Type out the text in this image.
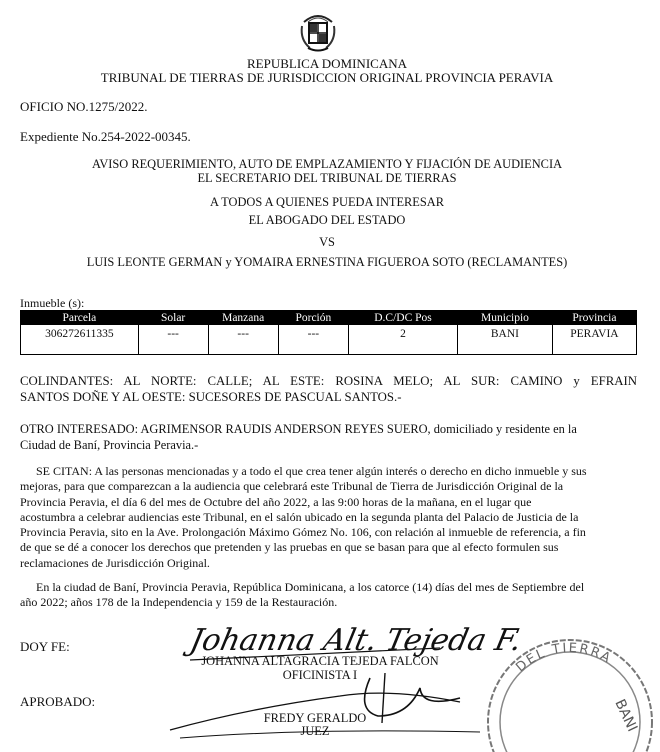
REPUBLICA DOMINICANA
TRIBUNAL DE TIERRAS DE JURISDICCION ORIGINAL PROVINCIA PERAVIA
OFICIO NO.1275/2022.
Expediente No.254-2022-00345.
AVISO REQUERIMIENTO, AUTO DE EMPLAZAMIENTO Y FIJACIÓN DE AUDIENCIA
EL SECRETARIO DEL TRIBUNAL DE TIERRAS
A TODOS A QUIENES PUEDA INTERESAR
EL ABOGADO DEL ESTADO
VS
LUIS LEONTE GERMAN y YOMAIRA ERNESTINA FIGUEROA SOTO (RECLAMANTES)
Inmueble (s):
Parcela	Solar	Manzana	Porción	D.C/DC Pos	Municipio	Provincia
306272611335	---	---	---	2	BANI	PERAVIA
COLINDANTES: AL NORTE: CALLE; AL ESTE: ROSINA MELO; AL SUR: CAMINO y EFRAIN
SANTOS DOÑE Y AL OESTE: SUCESORES DE PASCUAL SANTOS.-
OTRO INTERESADO: AGRIMENSOR RAUDIS ANDERSON REYES SUERO, domiciliado y residente en la
Ciudad de Baní, Provincia Peravia.-
SE CITAN: A las personas mencionadas y a todo el que crea tener algún interés o derecho en dicho inmueble y sus
mejoras, para que comparezcan a la audiencia que celebrará este Tribunal de Tierra de Jurisdicción Original de la
Provincia Peravia, el día 6 del mes de Octubre del año 2022, a las 9:00 horas de la mañana, en el lugar que
acostumbra a celebrar audiencias este Tribunal, en el salón ubicado en la segunda planta del Palacio de Justicia de la
Provincia Peravia, sito en la Ave. Prolongación Máximo Gómez No. 106, con relación al inmueble de referencia, a fin
de que se dé a conocer los derechos que pretenden y las pruebas en que se basan para que al efecto formulen sus
reclamaciones de Jurisdicción Original.
En la ciudad de Baní, Provincia Peravia, República Dominicana, a los catorce (14) días del mes de Septiembre del
año 2022; años 178 de la Independencia y 159 de la Restauración.
DEL TIERRA
BANI
DOY FE:	Johanna Alt. Tejeda F.
JOHANNA ALTAGRACIA TEJEDA FALCON
OFICINISTA I
APROBADO:
FREDY GERALDO
JUEZ
